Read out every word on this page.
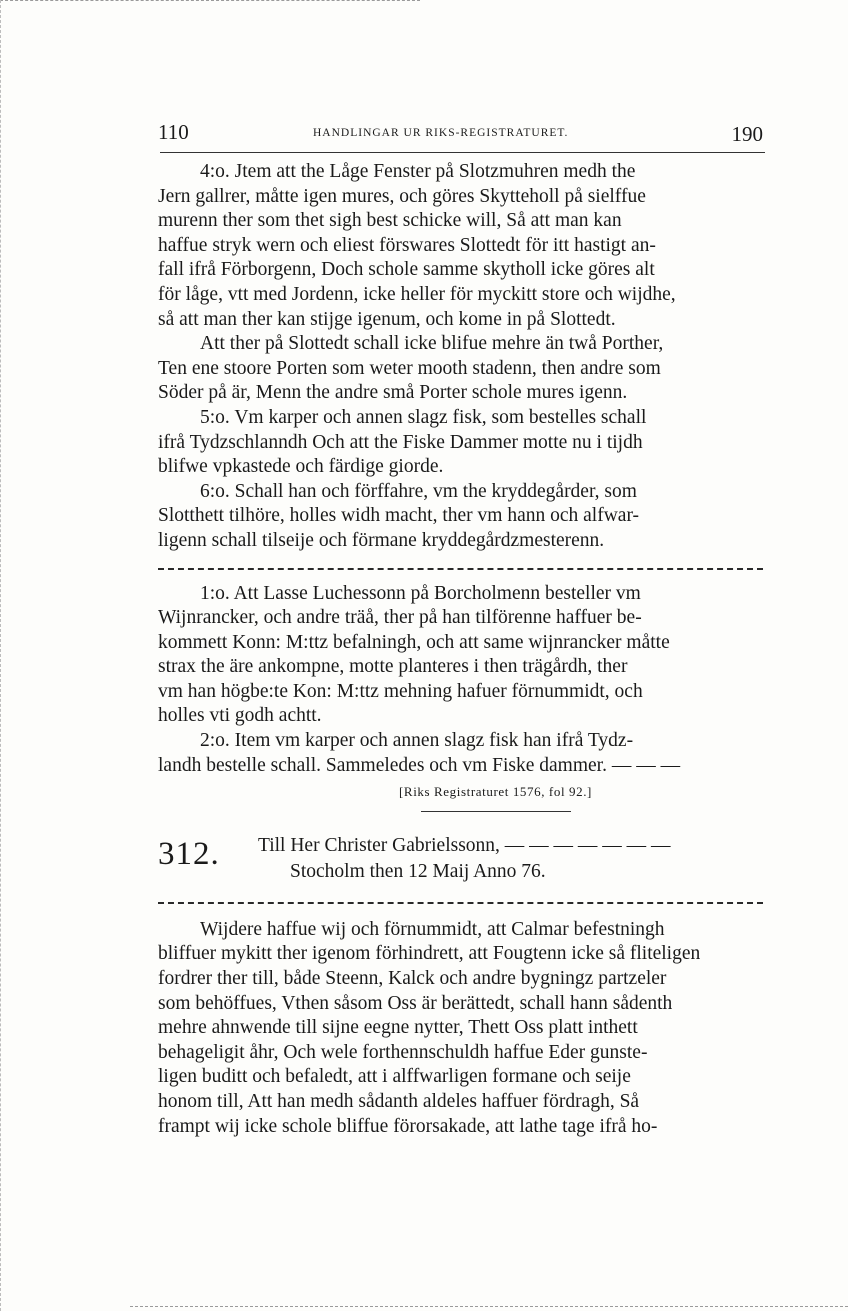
110	HANDLINGAR UR RIKS-REGISTRATURET.	190

4:o. Jtem att the Låge Fenster på Slotzmuhren medh the
Jern gallrer, måtte igen mures, och göres Skytteholl på sielffue
murenn ther som thet sigh best schicke will, Så att man kan
haffue stryk wern och eliest förswares Slottedt för itt hastigt an-
fall ifrå Förborgenn, Doch schole samme skytholl icke göres alt
för låge, vtt med Jordenn, icke heller för myckitt store och wijdhe,
så att man ther kan stijge igenum, och kome in på Slottedt.

Att ther på Slottedt schall icke blifue mehre än twå Porther,
Ten ene stoore Porten som weter mooth stadenn, then andre som
Söder på är, Menn the andre små Porter schole mures igenn.

5:o. Vm karper och annen slagz fisk, som bestelles schall
ifrå Tydzschlanndh Och att the Fiske Dammer motte nu i tijdh
blifwe vpkastede och färdige giorde.

6:o. Schall han och förffahre, vm the kryddegårder, som
Slotthett tilhöre, holles widh macht, ther vm hann och alfwar-
ligenn schall tilseije och förmane kryddegårdzmesterenn.

1:o. Att Lasse Luchessonn på Borcholmenn besteller vm
Wijnrancker, och andre träå, ther på han tilförenne haffuer be-
kommett Konn: M:ttz befalningh, och att same wijnrancker måtte
strax the äre ankompne, motte planteres i then trägårdh, ther
vm han högbe:te Kon: M:ttz mehning hafuer förnummidt, och
holles vti godh achtt.

2:o. Item vm karper och annen slagz fisk han ifrå Tydz-
landh bestelle schall. Sammeledes och vm Fiske dammer. — — —

[Riks Registraturet 1576, fol 92.]

312. Till Her Christer Gabrielssonn, — — — — — — —
Stocholm then 12 Maij Anno 76.

Wijdere haffue wij och förnummidt, att Calmar befestningh
bliffuer mykitt ther igenom förhindrett, att Fougtenn icke så fliteligen
fordrer ther till, både Steenn, Kalck och andre bygningz partzeler
som behöffues, Vthen såsom Oss är berättedt, schall hann sådenth
mehre ahnwende till sijne eegne nytter, Thett Oss platt inthett
behageligit åhr, Och wele forthennschuldh haffue Eder gunste-
ligen buditt och befaledt, att i alffwarligen formane och seije
honom till, Att han medh sådanth aldeles haffuer fördragh, Så
frampt wij icke schole bliffue förorsakade, att lathe tage ifrå ho-
